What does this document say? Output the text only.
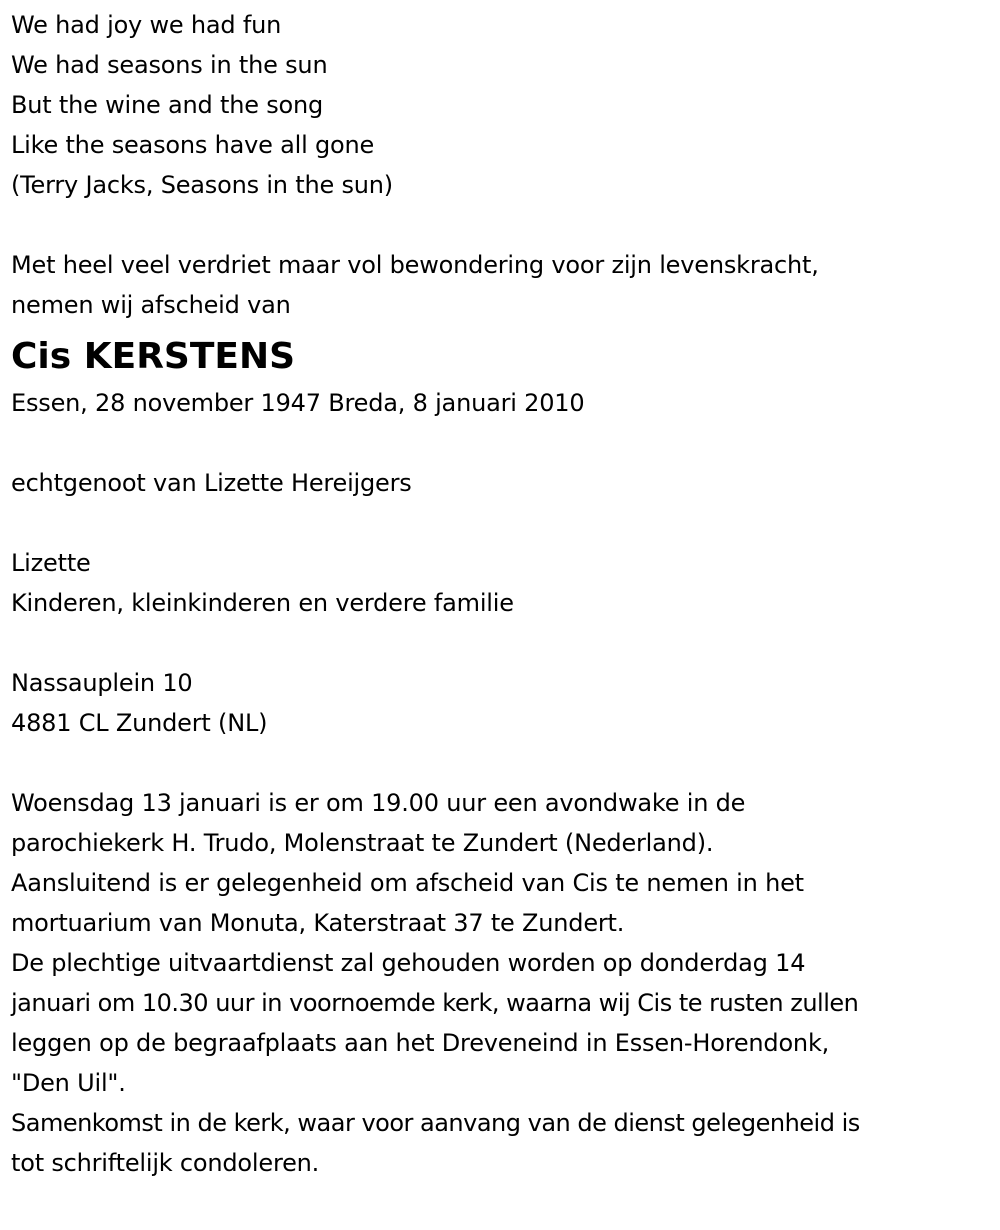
We had joy we had fun
We had seasons in the sun
But the wine and the song
Like the seasons have all gone
(Terry Jacks, Seasons in the sun)
Met heel veel verdriet maar vol bewondering voor zijn levenskracht,
nemen wij afscheid van
Cis KERSTENS
Essen, 28 november 1947 Breda, 8 januari 2010
echtgenoot van Lizette Hereijgers
Lizette
Kinderen, kleinkinderen en verdere familie
Nassauplein 10
4881 CL Zundert (NL)
Woensdag 13 januari is er om 19.00 uur een avondwake in de
parochiekerk H. Trudo, Molenstraat te Zundert (Nederland).
Aansluitend is er gelegenheid om afscheid van Cis te nemen in het
mortuarium van Monuta, Katerstraat 37 te Zundert.
De plechtige uitvaartdienst zal gehouden worden op donderdag 14
januari om 10.30 uur in voornoemde kerk, waarna wij Cis te rusten zullen
leggen op de begraafplaats aan het Dreveneind in Essen-Horendonk,
"Den Uil".
Samenkomst in de kerk, waar voor aanvang van de dienst gelegenheid is
tot schriftelijk condoleren.
